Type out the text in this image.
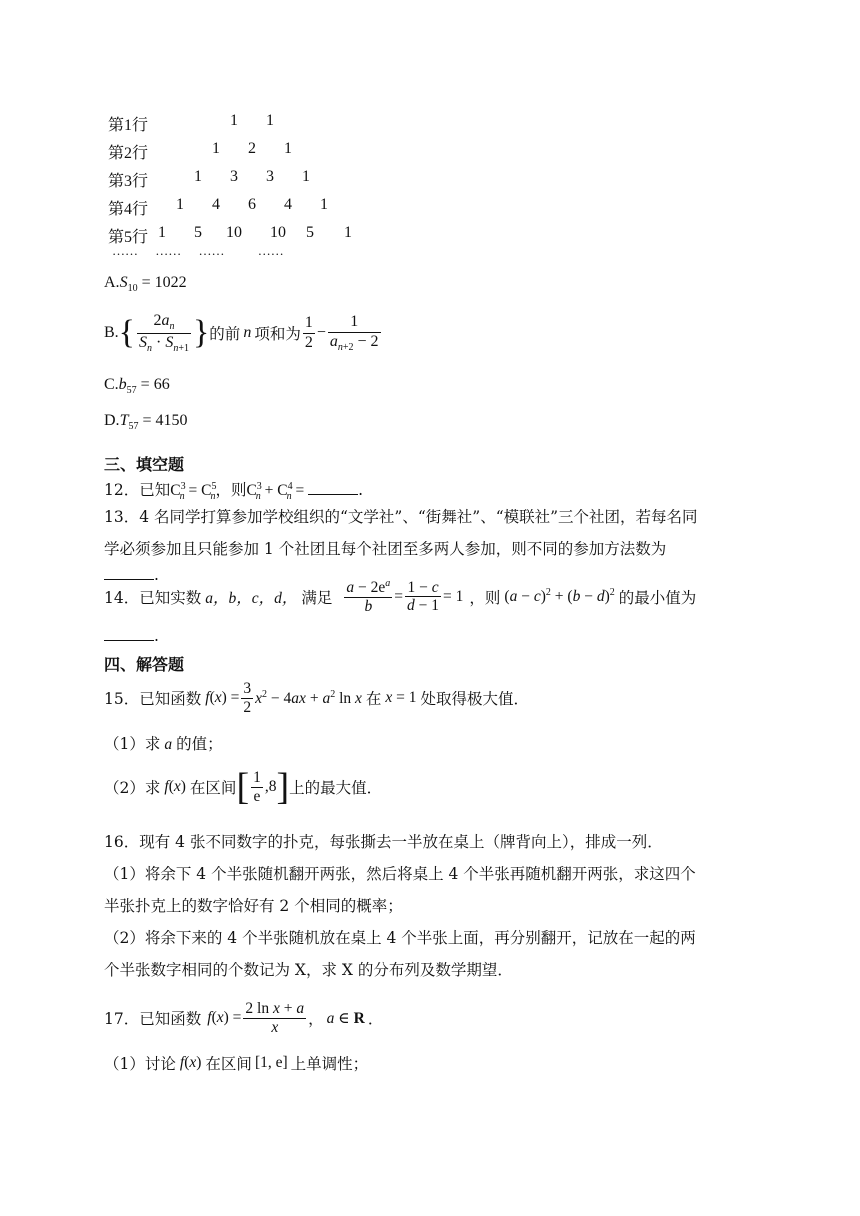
第1行	1 1
第2行	1 2 1
第3行	1 3 3 1
第4行 1 4 6 4 1
第5行 1 5 10 10 5 1
…… …… ……	……
$A.S_{10} = 1022$
B. { $\frac{2a_n}{S_n \cdot S_{n+1}}$ } 的前 n 项和为 $\frac{1}{2} - \frac{1}{a_{n+2} - 2}$
$C.b_{57} = 66$
$D.T_{57} = 4150$
三、填空题
12．已知$C^3_n = C^5_n$，则$C^3_n + C^4_n$ =	.
13．4 名同学打算参加学校组织的“文学社”、“街舞社”、“模联社”三个社团，若每名同
学必须参加且只能参加 1 个社团且每个社团至多两人参加，则不同的参加方法数为
.
14． 已知实数 a，b，c，d， 满足 $\frac{a - 2e^a}{b} = \frac{1 - c}{d - 1} = 1$ ，则 $(a - c)^2 + (b - d)^2$ 的最小值为
.
四、解答题
15． 已知函数 $f(x) = \frac{3}{2} x^2 - 4ax + a^2$ ln x 在 x = 1 处取得极大值．
（1）求 a 的值；
（2）求 f(x) 在区间 [ $\frac{1}{e} ,8$ ] 上的最大值．
16．现有 4 张不同数字的扑克，每张撕去一半放在桌上（牌背向上），排成一列．
（1）将余下 4 个半张随机翻开两张，然后将桌上 4 个半张再随机翻开两张，求这四个
半张扑克上的数字恰好有 2 个相同的概率；
（2）将余下来的 4 个半张随机放在桌上 4 个半张上面，再分别翻开，记放在一起的两
个半张数字相同的个数记为 X，求 X 的分布列及数学期望．
17． 已知函数 $f(x) = \frac{\text{2 ln x + a}}{x}$ ， a ∈ R ．
（1）讨论 f(x) 在区间 [1, e] 上单调性；
